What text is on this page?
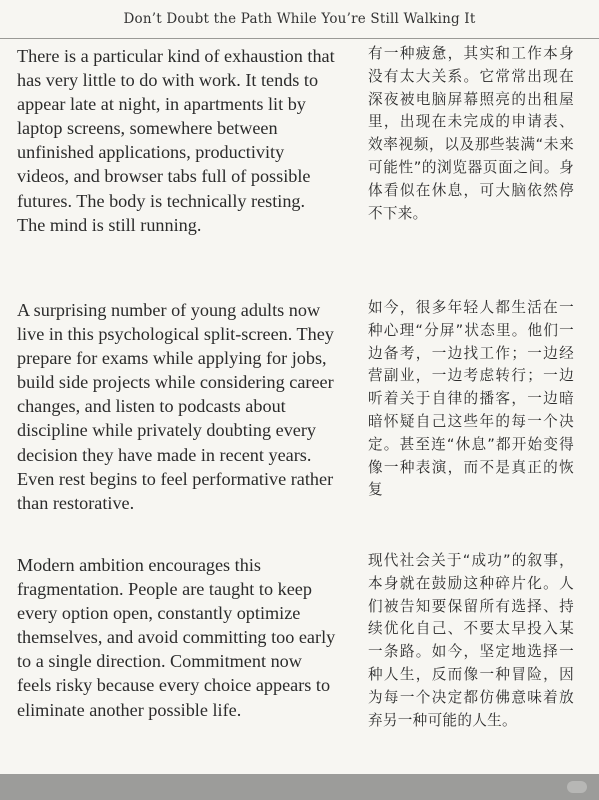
Don’t Doubt the Path While You’re Still Walking It

There is a particular kind of exhaustion that has very little to do with work. It tends to appear late at night, in apartments lit by laptop screens, somewhere between unfinished applications, productivity videos, and browser tabs full of possible futures. The body is technically resting. The mind is still running.

有一种疲惫，其实和工作本身没有太大关系。它常常出现在深夜被电脑屏幕照亮的出租屋里，出现在未完成的申请表、效率视频，以及那些装满“未来可能性”的浏览器页面之间。身体看似在休息，可大脑依然停不下来。

A surprising number of young adults now live in this psychological split-screen. They prepare for exams while applying for jobs, build side projects while considering career changes, and listen to podcasts about discipline while privately doubting every decision they have made in recent years. Even rest begins to feel performative rather than restorative.

如今，很多年轻人都生活在一种心理“分屏”状态里。他们一边备考，一边找工作；一边经营副业，一边考虑转行；一边听着关于自律的播客，一边暗暗怀疑自己这些年的每一个决定。甚至连“休息”都开始变得像一种表演，而不是真正的恢复

Modern ambition encourages this fragmentation. People are taught to keep every option open, constantly optimize themselves, and avoid committing too early to a single direction. Commitment now feels risky because every choice appears to eliminate another possible life.

现代社会关于“成功”的叙事，本身就在鼓励这种碎片化。人们被告知要保留所有选择、持续优化自己、不要太早投入某一条路。如今，坚定地选择一种人生，反而像一种冒险，因为每一个决定都仿佛意味着放弃另一种可能的人生。
